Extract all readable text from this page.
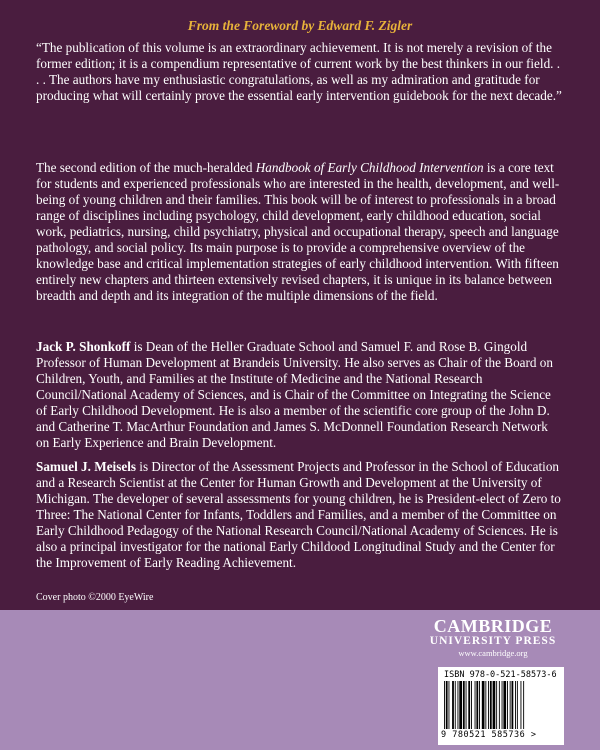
From the Foreword by Edward F. Zigler

“The publication of this volume is an extraordinary achievement. It is not merely a revision of the former edition; it is a compendium representative of current work by the best thinkers in our field. . . . The authors have my enthusiastic congratulations, as well as my admiration and gratitude for producing what will certainly prove the essential early intervention guidebook for the next decade.”

The second edition of the much-heralded Handbook of Early Childhood Intervention is a core text for students and experienced professionals who are interested in the health, development, and well-being of young children and their families. This book will be of interest to professionals in a broad range of disciplines including psychology, child development, early childhood education, social work, pediatrics, nursing, child psychiatry, physical and occupational therapy, speech and language pathology, and social policy. Its main purpose is to provide a comprehensive overview of the knowledge base and critical implementation strategies of early childhood intervention. With fifteen entirely new chapters and thirteen extensively revised chapters, it is unique in its balance between breadth and depth and its integration of the multiple dimensions of the field.

Jack P. Shonkoff is Dean of the Heller Graduate School and Samuel F. and Rose B. Gingold Professor of Human Development at Brandeis University. He also serves as Chair of the Board on Children, Youth, and Families at the Institute of Medicine and the National Research Council/National Academy of Sciences, and is Chair of the Committee on Integrating the Science of Early Childhood Development. He is also a member of the scientific core group of the John D. and Catherine T. MacArthur Foundation and James S. McDonnell Foundation Research Network on Early Experience and Brain Development.

Samuel J. Meisels is Director of the Assessment Projects and Professor in the School of Education and a Research Scientist at the Center for Human Growth and Development at the University of Michigan. The developer of several assessments for young children, he is President-elect of Zero to Three: The National Center for Infants, Toddlers and Families, and a member of the Committee on Early Childhood Pedagogy of the National Research Council/National Academy of Sciences. He is also a principal investigator for the national Early Childood Longitudinal Study and the Center for the Improvement of Early Reading Achievement.

Cover photo ©2000 EyeWire
CAMBRIDGE
UNIVERSITY PRESS
www.cambridge.org
ISBN 978-0-521-58573-6
9 780521 585736 >
